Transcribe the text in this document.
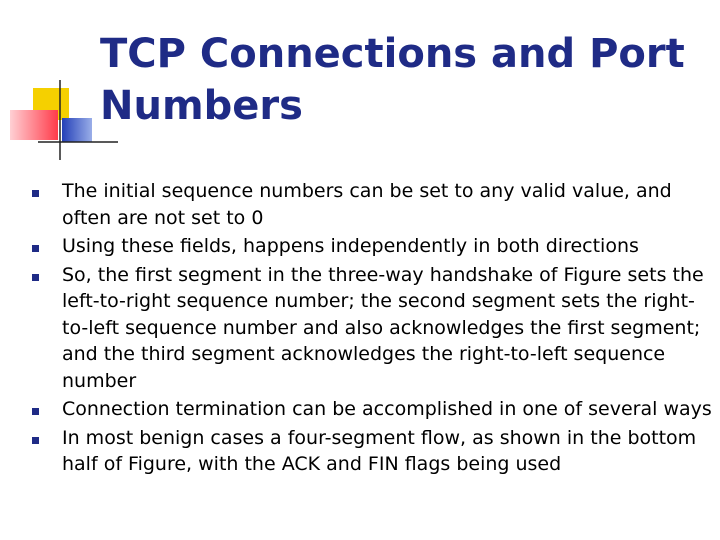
TCP Connections and Port Numbers
The initial sequence numbers can be set to any valid value, and often are not set to 0
Using these fields, happens independently in both directions
So, the first segment in the three-way handshake of Figure sets the left-to-right sequence number; the second segment sets the right-to-left sequence number and also acknowledges the first segment; and the third segment acknowledges the right-to-left sequence number
Connection termination can be accomplished in one of several ways
In most benign cases a four-segment flow, as shown in the bottom half of Figure, with the ACK and FIN flags being used
